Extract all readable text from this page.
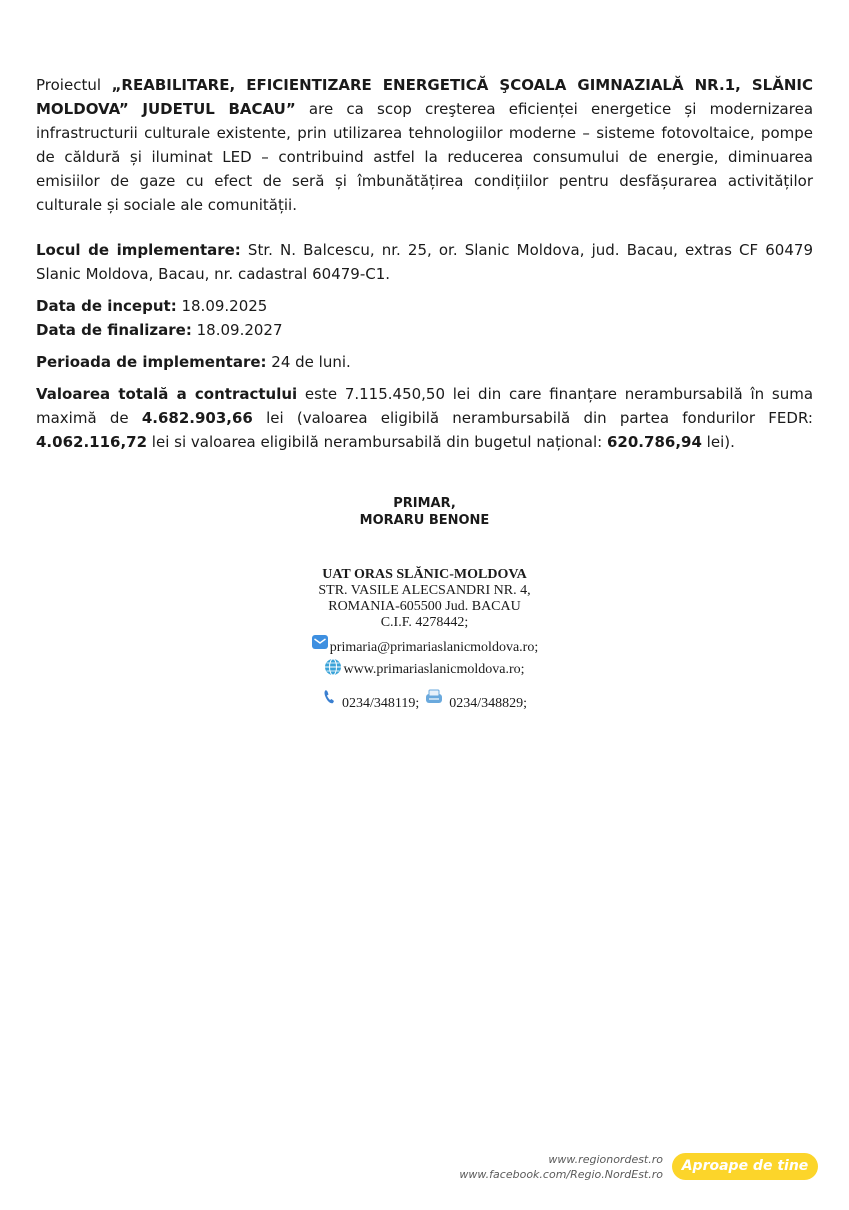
Proiectul „REABILITARE, EFICIENTIZARE ENERGETICĂ ŞCOALA GIMNAZIALĂ NR.1, SLĂNIC MOLDOVA” JUDETUL BACAU” are ca scop creşterea eficienței energetice și modernizarea infrastructurii culturale existente, prin utilizarea tehnologiilor moderne – sisteme fotovoltaice, pompe de căldură și iluminat LED – contribuind astfel la reducerea consumului de energie, diminuarea emisiilor de gaze cu efect de seră și îmbunătățirea condițiilor pentru desfășurarea activităților culturale și sociale ale comunității.

Locul de implementare: Str. N. Balcescu, nr. 25, or. Slanic Moldova, jud. Bacau, extras CF 60479 Slanic Moldova, Bacau, nr. cadastral 60479-C1.

Data de inceput: 18.09.2025
Data de finalizare: 18.09.2027

Perioada de implementare: 24 de luni.

Valoarea totală a contractului este 7.115.450,50 lei din care finanțare nerambursabilă în suma maximă de 4.682.903,66 lei (valoarea eligibilă nerambursabilă din partea fondurilor FEDR: 4.062.116,72 lei si valoarea eligibilă nerambursabilă din bugetul național: 620.786,94 lei).

PRIMAR,
MORARU BENONE
UAT ORAS SLĂNIC-MOLDOVA
STR. VASILE ALECSANDRI NR. 4,
ROMANIA-605500 Jud. BACAU
C.I.F. 4278442;
primaria@primariaslanicmoldova.ro;
www.primariaslanicmoldova.ro;
0234/348119; 0234/348829;
www.regionordest.ro
www.facebook.com/Regio.NordEst.ro
Aproape de tine
